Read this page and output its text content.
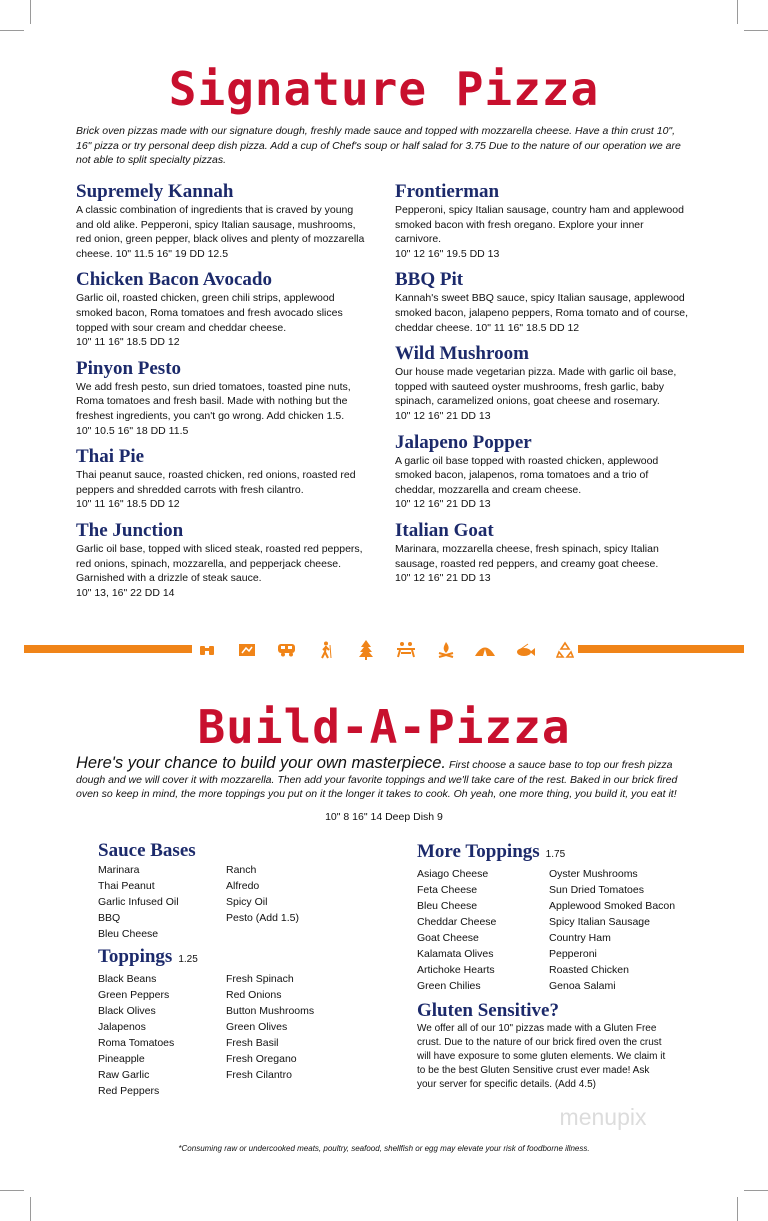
Signature Pizza
Brick oven pizzas made with our signature dough, freshly made sauce and topped with mozzarella cheese. Have a thin crust 10", 16" pizza or try personal deep dish pizza. Add a cup of Chef's soup or half salad for 3.75 Due to the nature of our operation we are not able to split specialty pizzas.
Supremely Kannah

A classic combination of ingredients that is craved by young and old alike. Pepperoni, spicy Italian sausage, mushrooms, red onion, green pepper, black olives and plenty of mozzarella cheese. 10" 11.5 16" 19 DD 12.5

Chicken Bacon Avocado

Garlic oil, roasted chicken, green chili strips, applewood smoked bacon, Roma tomatoes and fresh avocado slices topped with sour cream and cheddar cheese.
10" 11 16" 18.5 DD 12

Pinyon Pesto

We add fresh pesto, sun dried tomatoes, toasted pine nuts, Roma tomatoes and fresh basil. Made with nothing but the freshest ingredients, you can't go wrong. Add chicken 1.5.
10" 10.5 16" 18 DD 11.5

Thai Pie

Thai peanut sauce, roasted chicken, red onions, roasted red peppers and shredded carrots with fresh cilantro.
10" 11 16" 18.5 DD 12

The Junction

Garlic oil base, topped with sliced steak, roasted red peppers, red onions, spinach, mozzarella, and pepperjack cheese. Garnished with a drizzle of steak sauce.
10" 13, 16" 22 DD 14

Frontierman

Pepperoni, spicy Italian sausage, country ham and applewood smoked bacon with fresh oregano. Explore your inner carnivore.
10" 12 16" 19.5 DD 13

BBQ Pit

Kannah's sweet BBQ sauce, spicy Italian sausage, applewood smoked bacon, jalapeno peppers, Roma tomato and of course, cheddar cheese. 10" 11 16" 18.5 DD 12

Wild Mushroom

Our house made vegetarian pizza. Made with garlic oil base, topped with sauteed oyster mushrooms, fresh garlic, baby spinach, caramelized onions, goat cheese and rosemary.
10" 12 16" 21 DD 13

Jalapeno Popper

A garlic oil base topped with roasted chicken, applewood smoked bacon, jalapenos, roma tomatoes and a trio of cheddar, mozzarella and cream cheese.
10" 12 16" 21 DD 13

Italian Goat

Marinara, mozzarella cheese, fresh spinach, spicy Italian sausage, roasted red peppers, and creamy goat cheese.
10" 12 16" 21 DD 13

Build-A-Pizza
Here's your chance to build your own masterpiece. First choose a sauce base to top our fresh pizza dough and we will cover it with mozzarella. Then add your favorite toppings and we'll take care of the rest. Baked in our brick fired oven so keep in mind, the more toppings you put on it the longer it takes to cook. Oh yeah, one more thing, you build it, you eat it!
10" 8 16" 14 Deep Dish 9
Sauce Bases
Marinara	Ranch
Thai Peanut	Alfredo
Garlic Infused Oil	Spicy Oil
BBQ	Pesto (Add 1.5)
Bleu Cheese
Toppings 1.25
Black Beans	Fresh Spinach
Green Peppers	Red Onions
Black Olives	Button Mushrooms
Jalapenos	Green Olives
Roma Tomatoes	Fresh Basil
Pineapple	Fresh Oregano
Raw Garlic	Fresh Cilantro
Red Peppers
More Toppings 1.75
Asiago Cheese	Oyster Mushrooms
Feta Cheese	Sun Dried Tomatoes
Bleu Cheese	Applewood Smoked Bacon
Cheddar Cheese	Spicy Italian Sausage
Goat Cheese	Country Ham
Kalamata Olives	Pepperoni
Artichoke Hearts	Roasted Chicken
Green Chilies	Genoa Salami
Gluten Sensitive?

We offer all of our 10" pizzas made with a Gluten Free crust. Due to the nature of our brick fired oven the crust will have exposure to some gluten elements. We claim it to be the best Gluten Sensitive crust ever made! Ask your server for specific details. (Add 4.5)

menupix
*Consuming raw or undercooked meats, poultry, seafood, shellfish or egg may elevate your risk of foodborne illness.
